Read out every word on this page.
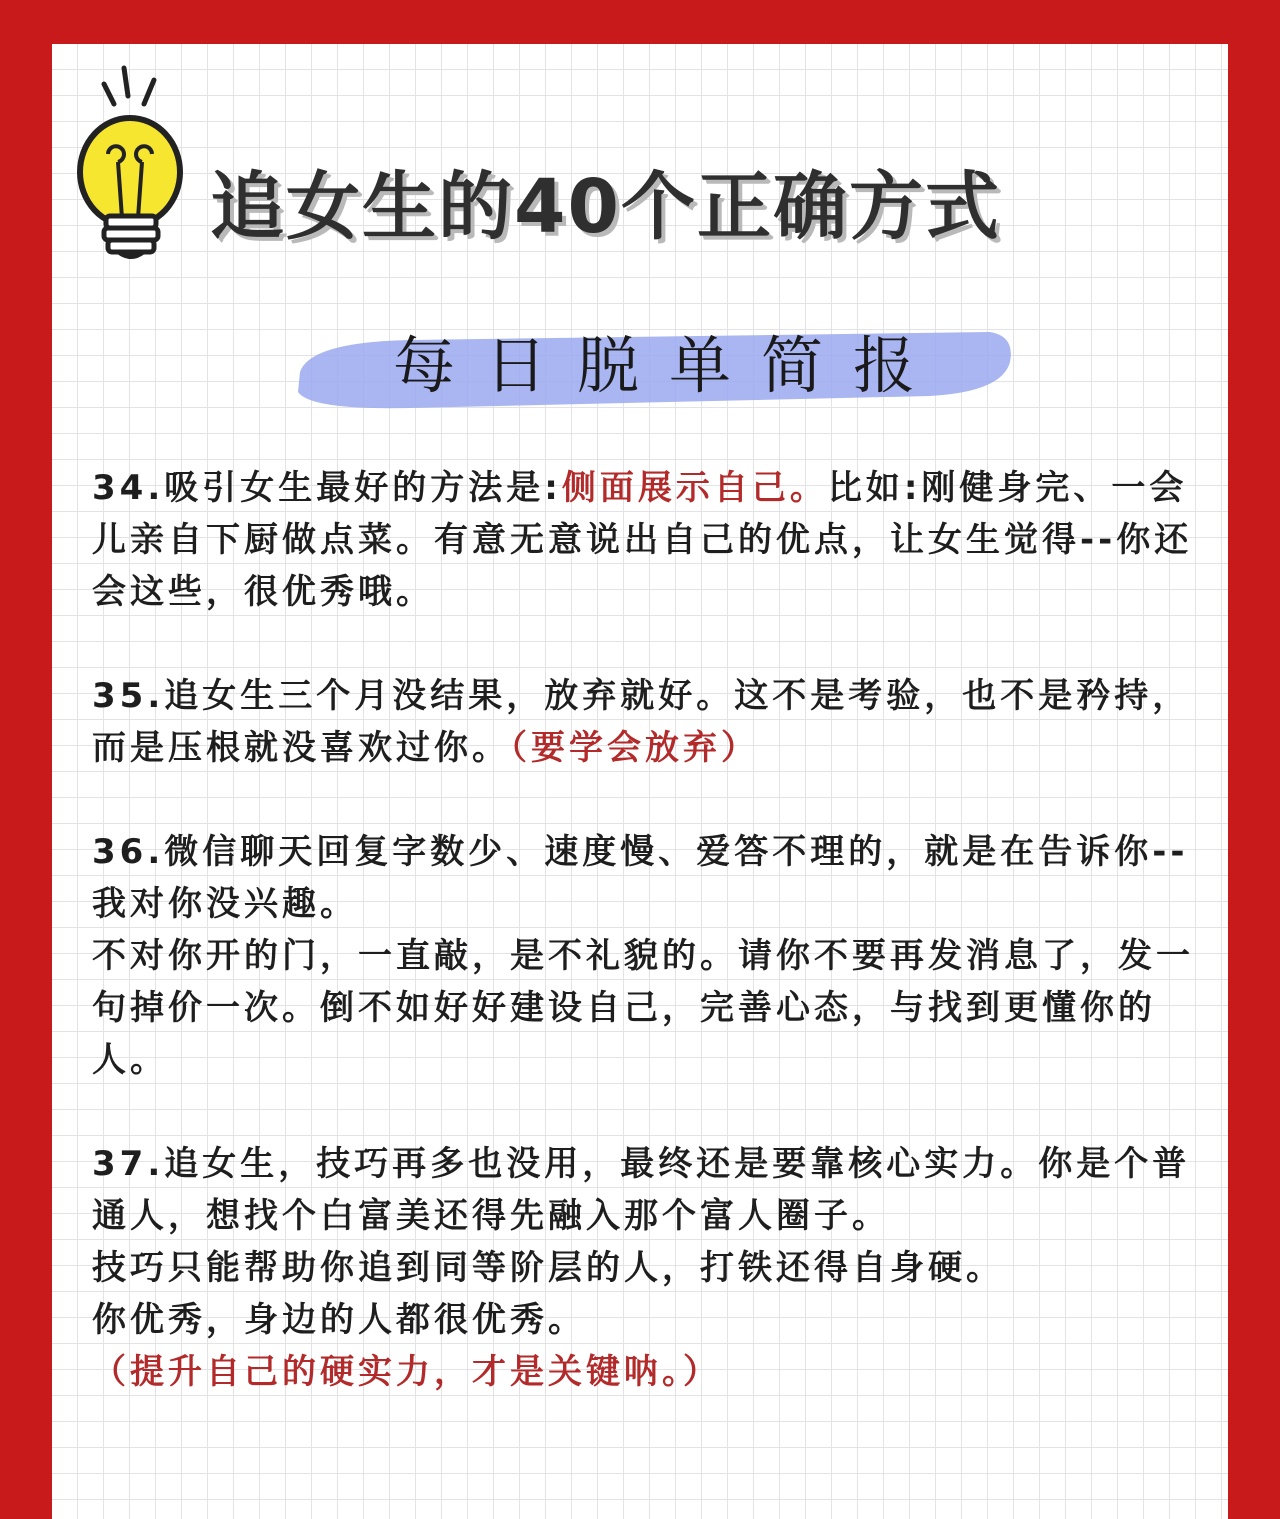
追女生的40个正确方式
每日脱单简报

34.吸引女生最好的方法是:侧面展示自己。比如:刚健身完、一会儿亲自下厨做点菜。有意无意说出自己的优点，让女生觉得--你还会这些，很优秀哦。

35.追女生三个月没结果，放弃就好。这不是考验，也不是矜持，而是压根就没喜欢过你。（要学会放弃）

36.微信聊天回复字数少、速度慢、爱答不理的，就是在告诉你--我对你没兴趣。

不对你开的门，一直敲，是不礼貌的。请你不要再发消息了，发一句掉价一次。倒不如好好建设自己，完善心态，与找到更懂你的人。

37.追女生，技巧再多也没用，最终还是要靠核心实力。你是个普通人，想找个白富美还得先融入那个富人圈子。

技巧只能帮助你追到同等阶层的人，打铁还得自身硬。

你优秀，身边的人都很优秀。

（提升自己的硬实力，才是关键呐。）
